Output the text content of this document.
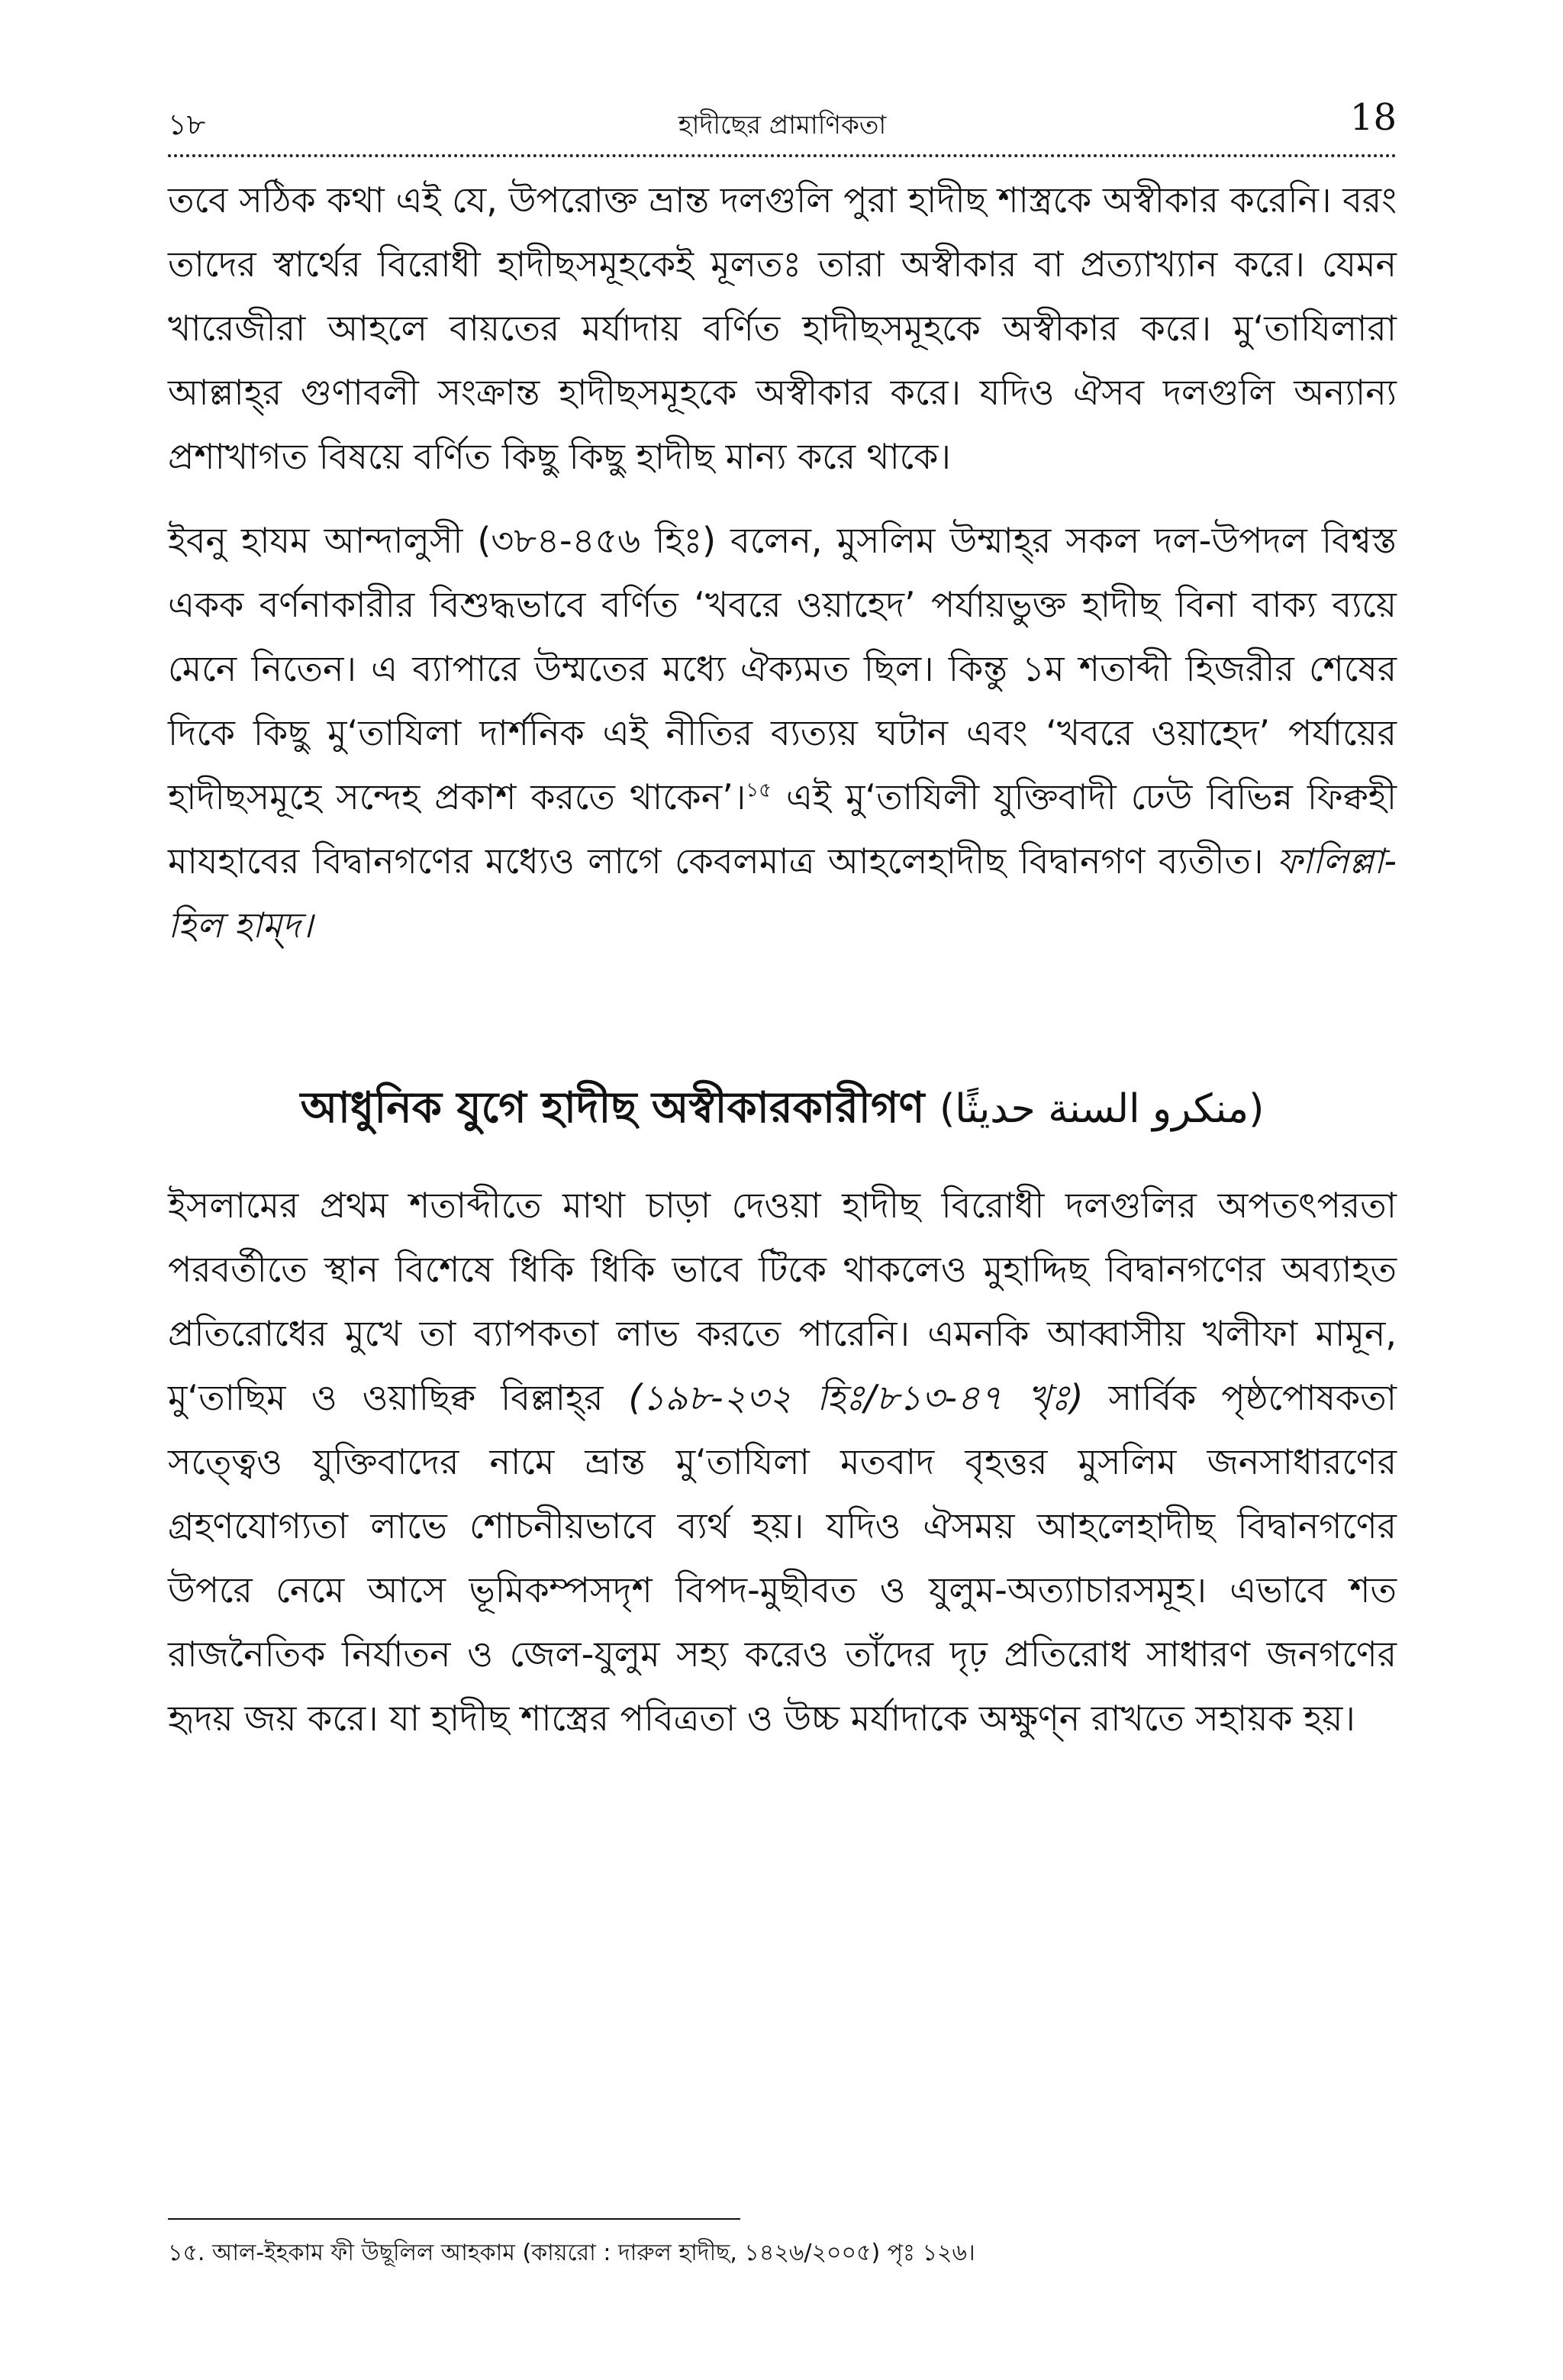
১৮	হাদীছের প্রামাণিকতা	18

তবে সঠিক কথা এই যে, উপরোক্ত ভ্রান্ত দলগুলি পুরা হাদীছ শাস্ত্রকে অস্বীকার করেনি। বরং তাদের স্বার্থের বিরোধী হাদীছসমূহকেই মূলতঃ তারা অস্বীকার বা প্রত্যাখ্যান করে। যেমন খারেজীরা আহলে বায়তের মর্যাদায় বর্ণিত হাদীছসমূহকে অস্বীকার করে। মু‘তাযিলারা আল্লাহ্‌র গুণাবলী সংক্রান্ত হাদীছসমূহকে অস্বীকার করে। যদিও ঐসব দলগুলি অন্যান্য প্রশাখাগত বিষয়ে বর্ণিত কিছু কিছু হাদীছ মান্য করে থাকে।

ইবনু হাযম আন্দালুসী (৩৮৪-৪৫৬ হিঃ) বলেন, মুসলিম উম্মাহ্‌র সকল দল-উপদল বিশ্বস্ত একক বর্ণনাকারীর বিশুদ্ধভাবে বর্ণিত ‘খবরে ওয়াহেদ’ পর্যায়ভুক্ত হাদীছ বিনা বাক্য ব্যয়ে মেনে নিতেন। এ ব্যাপারে উম্মতের মধ্যে ঐক্যমত ছিল। কিন্তু ১ম শতাব্দী হিজরীর শেষের দিকে কিছু মু‘তাযিলা দার্শনিক এই নীতির ব্যত্যয় ঘটান এবং ‘খবরে ওয়াহেদ’ পর্যায়ের হাদীছসমূহে সন্দেহ প্রকাশ করতে থাকেন’।$^{১৫}$ এই মু‘তাযিলী যুক্তিবাদী ঢেউ বিভিন্ন ফিক্বহী মাযহাবের বিদ্বানগণের মধ্যেও লাগে কেবলমাত্র আহলেহাদীছ বিদ্বানগণ ব্যতীত। ফালিল্লা-হিল হাম্‌দ।

আধুনিক যুগে হাদীছ অস্বীকারকারীগণ (منكرو السنة حديثًا)

ইসলামের প্রথম শতাব্দীতে মাথা চাড়া দেওয়া হাদীছ বিরোধী দলগুলির অপতৎপরতা পরবর্তীতে স্থান বিশেষে ধিকি ধিকি ভাবে টিকে থাকলেও মুহাদ্দিছ বিদ্বানগণের অব্যাহত প্রতিরোধের মুখে তা ব্যাপকতা লাভ করতে পারেনি। এমনকি আব্বাসীয় খলীফা মামূন, মু‘তাছিম ও ওয়াছিক্ব বিল্লাহ্‌র (১৯৮-২৩২ হিঃ/৮১৩-৪৭ খৃঃ) সার্বিক পৃষ্ঠপোষকতা সত্ত্বেও যুক্তিবাদের নামে ভ্রান্ত মু‘তাযিলা মতবাদ বৃহত্তর মুসলিম জনসাধারণের গ্রহণযোগ্যতা লাভে শোচনীয়ভাবে ব্যর্থ হয়। যদিও ঐসময় আহলেহাদীছ বিদ্বানগণের উপরে নেমে আসে ভূমিকম্পসদৃশ বিপদ-মুছীবত ও যুলুম-অত্যাচারসমূহ। এভাবে শত রাজনৈতিক নির্যাতন ও জেল-যুলুম সহ্য করেও তাঁদের দৃঢ় প্রতিরোধ সাধারণ জনগণের হৃদয় জয় করে। যা হাদীছ শাস্ত্রের পবিত্রতা ও উচ্চ মর্যাদাকে অক্ষুণ্ন রাখতে সহায়ক হয়।

১৫. আল-ইহকাম ফী উছূলিল আহকাম (কায়রো : দারুল হাদীছ, ১৪২৬/২০০৫) পৃঃ ১২৬।
